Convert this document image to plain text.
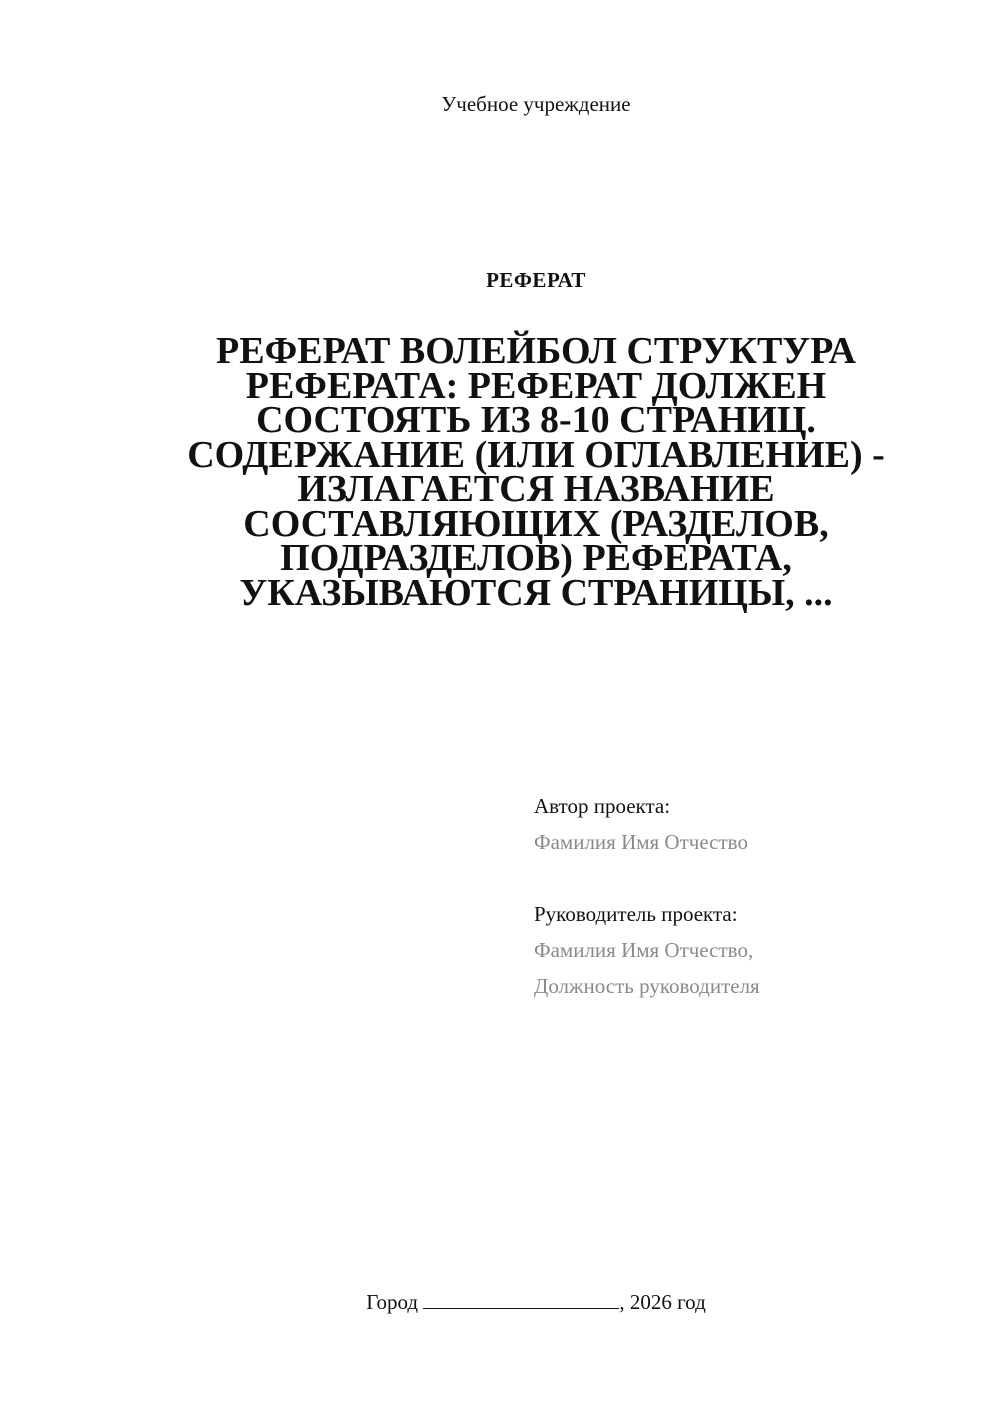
Учебное учреждение
РЕФЕРАТ
РЕФЕРАТ ВОЛЕЙБОЛ СТРУКТУРА РЕФЕРАТА: РЕФЕРАТ ДОЛЖЕН СОСТОЯТЬ ИЗ 8-10 СТРАНИЦ. СОДЕРЖАНИЕ (ИЛИ ОГЛАВЛЕНИЕ) - ИЗЛАГАЕТСЯ НАЗВАНИЕ СОСТАВЛЯЮЩИХ (РАЗДЕЛОВ, ПОДРАЗДЕЛОВ) РЕФЕРАТА, УКАЗЫВАЮТСЯ СТРАНИЦЫ, ...
Автор проекта:
Фамилия Имя Отчество
Руководитель проекта:
Фамилия Имя Отчество,
Должность руководителя
Город	, 2026 год
